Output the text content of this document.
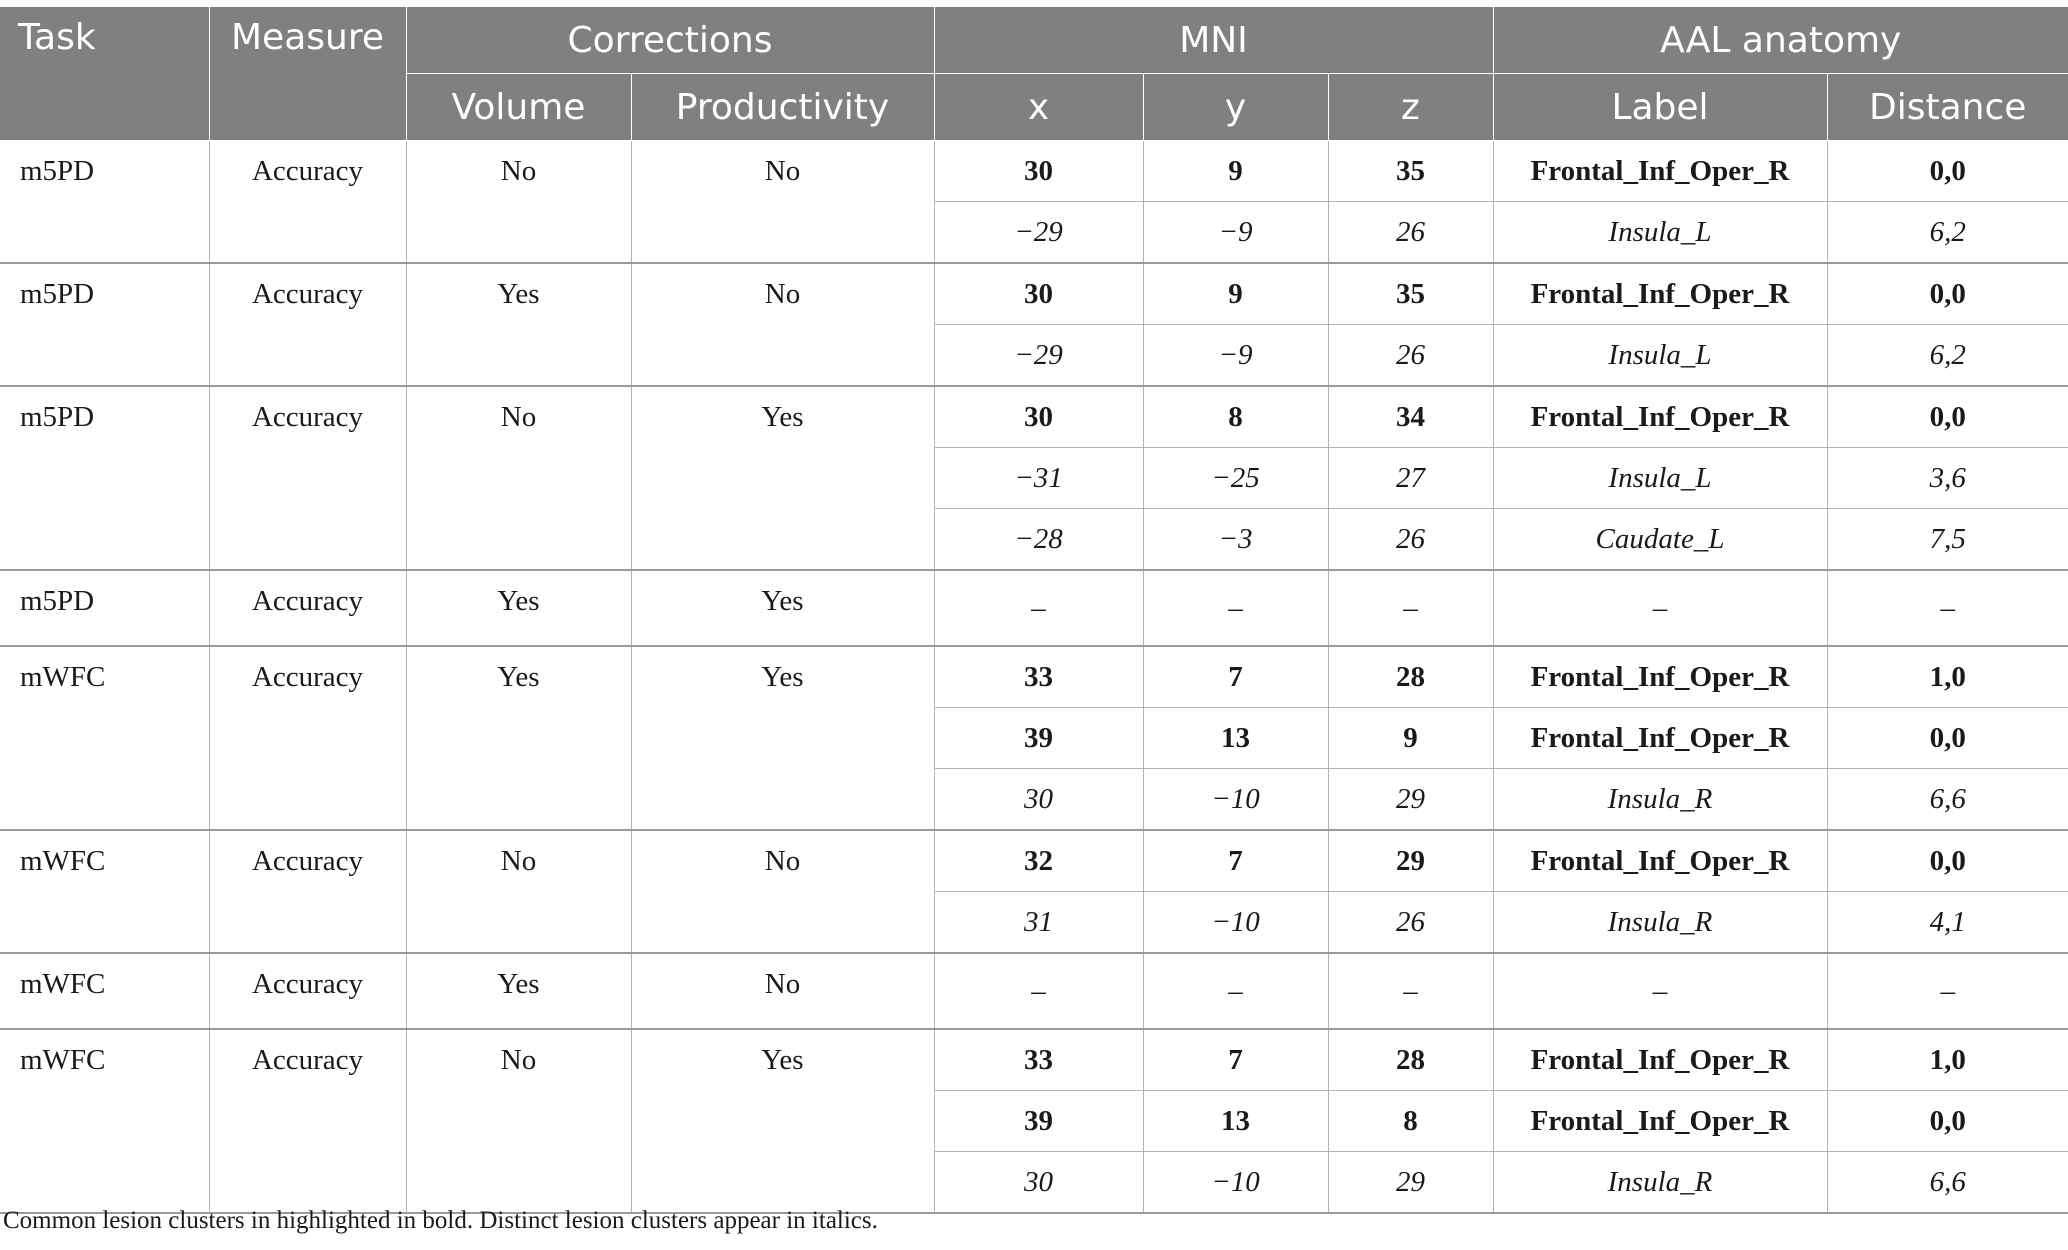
Task	Measure	Corrections		MNI			AAL anatomy	
		Volume	Productivity	x	y	z	Label	Distance
m5PD	Accuracy	No	No	30	9	35	Frontal_Inf_Oper_R	0,0
				−29	−9	26	Insula_L	6,2
m5PD	Accuracy	Yes	No	30	9	35	Frontal_Inf_Oper_R	0,0
				−29	−9	26	Insula_L	6,2
m5PD	Accuracy	No	Yes	30	8	34	Frontal_Inf_Oper_R	0,0
				−31	−25	27	Insula_L	3,6
				−28	−3	26	Caudate_L	7,5
m5PD	Accuracy	Yes	Yes	–	–	–	–	–
mWFC	Accuracy	Yes	Yes	33	7	28	Frontal_Inf_Oper_R	1,0
				39	13	9	Frontal_Inf_Oper_R	0,0
				30	−10	29	Insula_R	6,6
mWFC	Accuracy	No	No	32	7	29	Frontal_Inf_Oper_R	0,0
				31	−10	26	Insula_R	4,1
mWFC	Accuracy	Yes	No	–	–	–	–	–
mWFC	Accuracy	No	Yes	33	7	28	Frontal_Inf_Oper_R	1,0
				39	13	8	Frontal_Inf_Oper_R	0,0
				30	−10	29	Insula_R	6,6
Common lesion clusters in highlighted in bold. Distinct lesion clusters appear in italics.
